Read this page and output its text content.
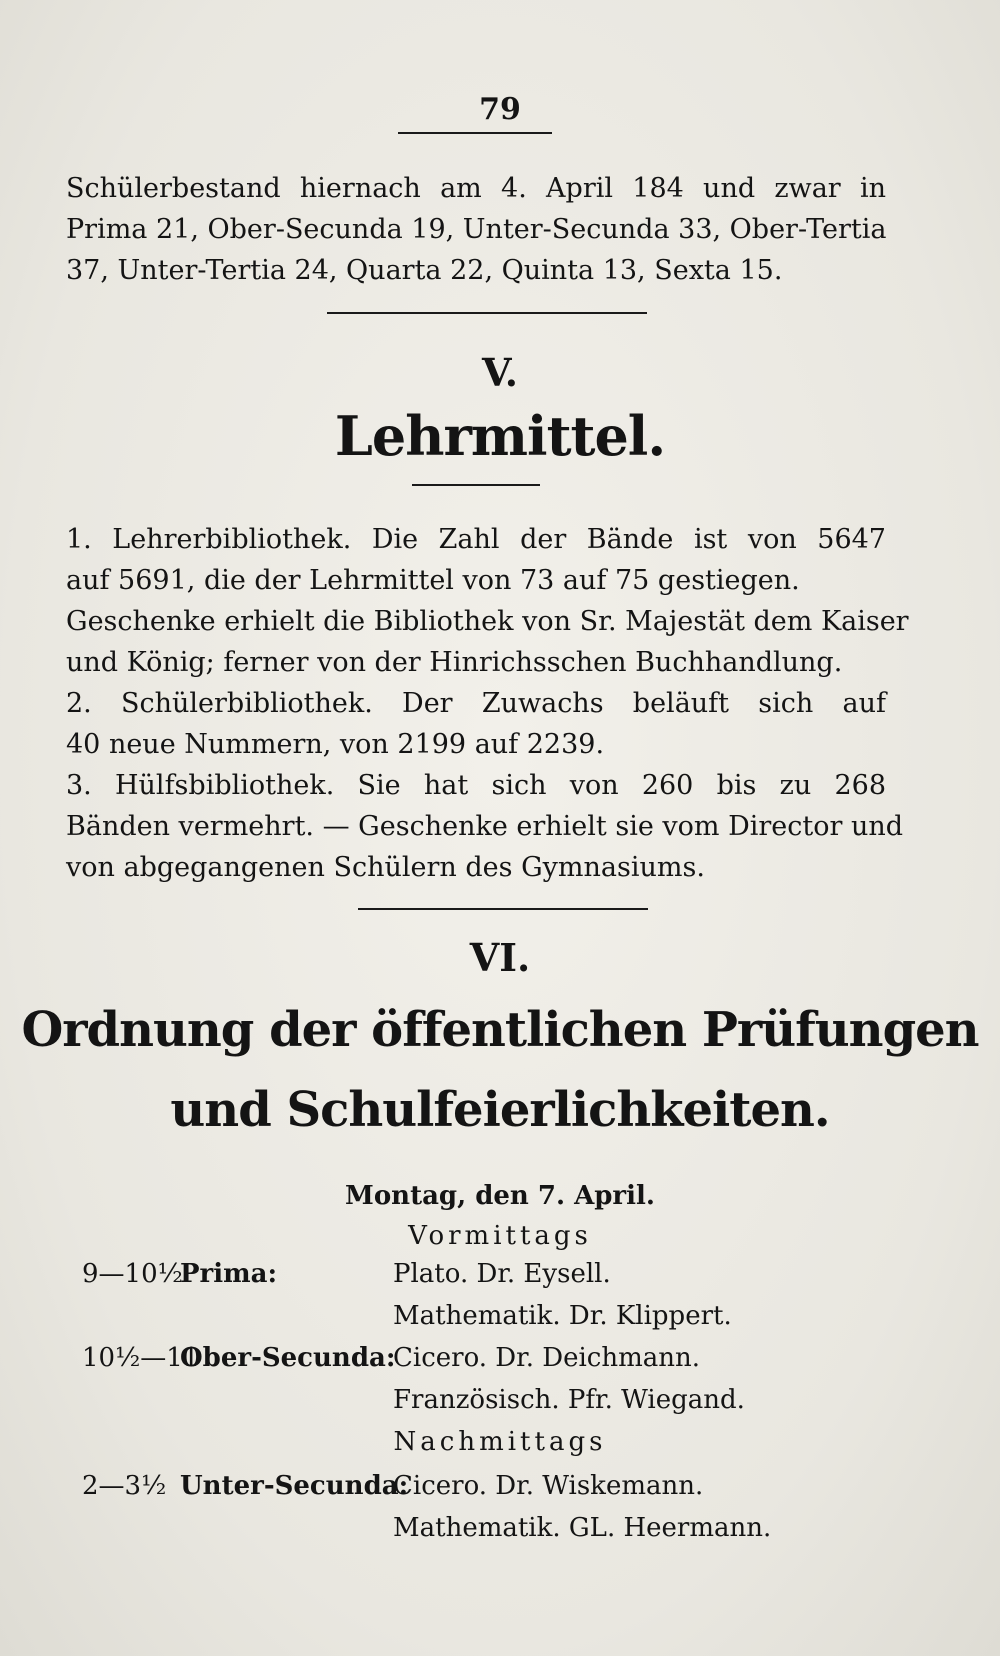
79
Schülerbestand hiernach am 4. April 184 und zwar in
Prima 21, Ober-Secunda 19, Unter-Secunda 33, Ober-Tertia
37, Unter-Tertia 24, Quarta 22, Quinta 13, Sexta 15.
V.
Lehrmittel.
1. Lehrerbibliothek. Die Zahl der Bände ist von 5647
auf 5691, die der Lehrmittel von 73 auf 75 gestiegen.
Geschenke erhielt die Bibliothek von Sr. Majestät dem Kaiser
und König; ferner von der Hinrichsschen Buchhandlung.
2. Schülerbibliothek. Der Zuwachs beläuft sich auf
40 neue Nummern, von 2199 auf 2239.
3. Hülfsbibliothek. Sie hat sich von 260 bis zu 268
Bänden vermehrt. — Geschenke erhielt sie vom Director und
von abgegangenen Schülern des Gymnasiums.
VI.
Ordnung der öffentlichen Prüfungen
und Schulfeierlichkeiten.
Montag, den 7. April.
Vormittags
9—10½
Prima:	Plato. Dr. Eysell.
Mathematik. Dr. Klippert.
10½—11
Ober-Secunda:
Cicero. Dr. Deichmann.
Französisch. Pfr. Wiegand.
Nachmittags
2—3½ Unter-Secunda:
Cicero. Dr. Wiskemann.
Mathematik. GL. Heermann.
